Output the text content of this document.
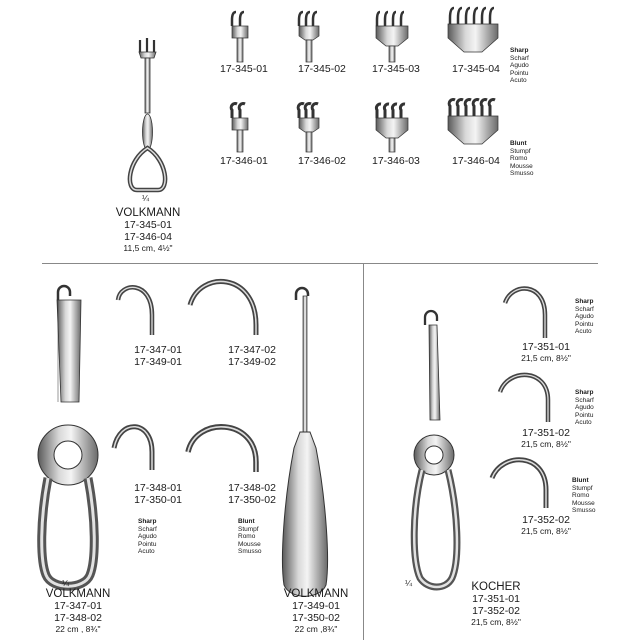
¼
¼	¼
VOLKMANN
17-345-01
17-346-04
11,5 cm, 4½"
17-345-01	17-345-02 17-345-03	17-345-04
Sharp
Scharf
Agudo
Pointu
Acuto
17-346-01	17-346-02 17-346-03	17-346-04
Blunt
Stumpf
Romo
Mousse
Smusso
17-347-01
17-349-01
17-347-02
17-349-02
17-348-01
17-350-01
17-348-02
17-350-02
Sharp
Scharf
Agudo
Pointu
Acuto
Blunt
Stumpf
Romo
Mousse
Smusso
VOLKMANN
17-347-01
17-348-02
22 cm , 8¾"
VOLKMANN
17-349-01
17-350-02
22 cm ,8¾"
17-351-01
21,5 cm, 8½"
Sharp
Scharf
Agudo
Pointu
Acuto
17-351-02
21,5 cm, 8½"
Sharp
Scharf
Agudo
Pointu
Acuto
17-352-02
21,5 cm, 8½"
Blunt
Stumpf
Romo
Mousse
Smusso
KOCHER
17-351-01
17-352-02
21,5 cm, 8½"
